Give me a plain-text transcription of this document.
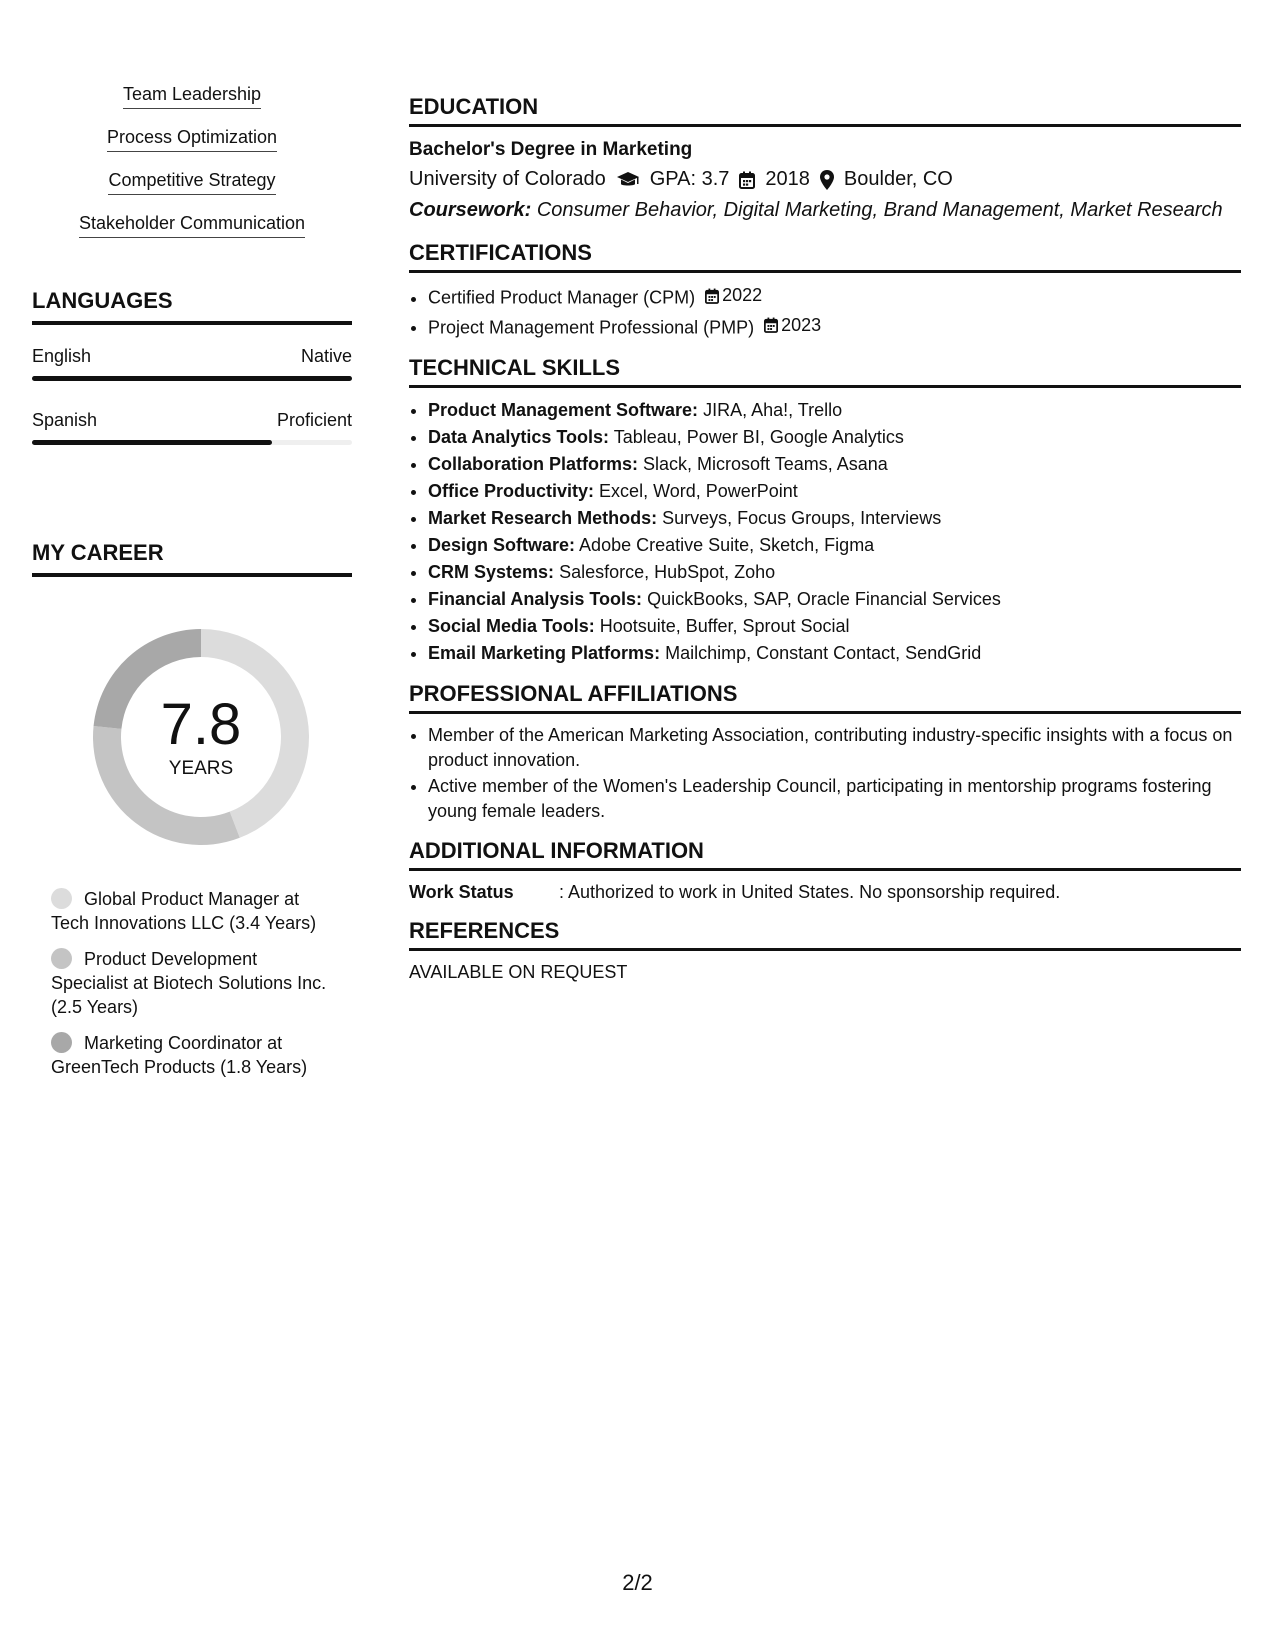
Team Leadership
Process Optimization
Competitive Strategy
Stakeholder Communication
LANGUAGES
English	Native
Spanish	Proficient
MY CAREER
7.8
YEARS
Global Product Manager at Tech Innovations LLC (3.4 Years)
Product Development Specialist at Biotech Solutions Inc. (2.5 Years)
Marketing Coordinator at GreenTech Products (1.8 Years)
EDUCATION
Bachelor's Degree in Marketing
University of Colorado GPA: 3.7 2018 Boulder, CO
Coursework: Consumer Behavior, Digital Marketing, Brand Management, Market Research
CERTIFICATIONS
• Certified Product Manager (CPM) 2022
• Project Management Professional (PMP) 2023
TECHNICAL SKILLS
• Product Management Software: JIRA, Aha!, Trello
• Data Analytics Tools: Tableau, Power BI, Google Analytics
• Collaboration Platforms: Slack, Microsoft Teams, Asana
• Office Productivity: Excel, Word, PowerPoint
• Market Research Methods: Surveys, Focus Groups, Interviews
• Design Software: Adobe Creative Suite, Sketch, Figma
• CRM Systems: Salesforce, HubSpot, Zoho
• Financial Analysis Tools: QuickBooks, SAP, Oracle Financial Services
• Social Media Tools: Hootsuite, Buffer, Sprout Social
• Email Marketing Platforms: Mailchimp, Constant Contact, SendGrid
PROFESSIONAL AFFILIATIONS
• Member of the American Marketing Association, contributing industry-specific insights with a focus on product innovation.
• Active member of the Women's Leadership Council, participating in mentorship programs fostering young female leaders.
ADDITIONAL INFORMATION
Work Status	: Authorized to work in United States. No sponsorship required.
REFERENCES
AVAILABLE ON REQUEST
2/2
